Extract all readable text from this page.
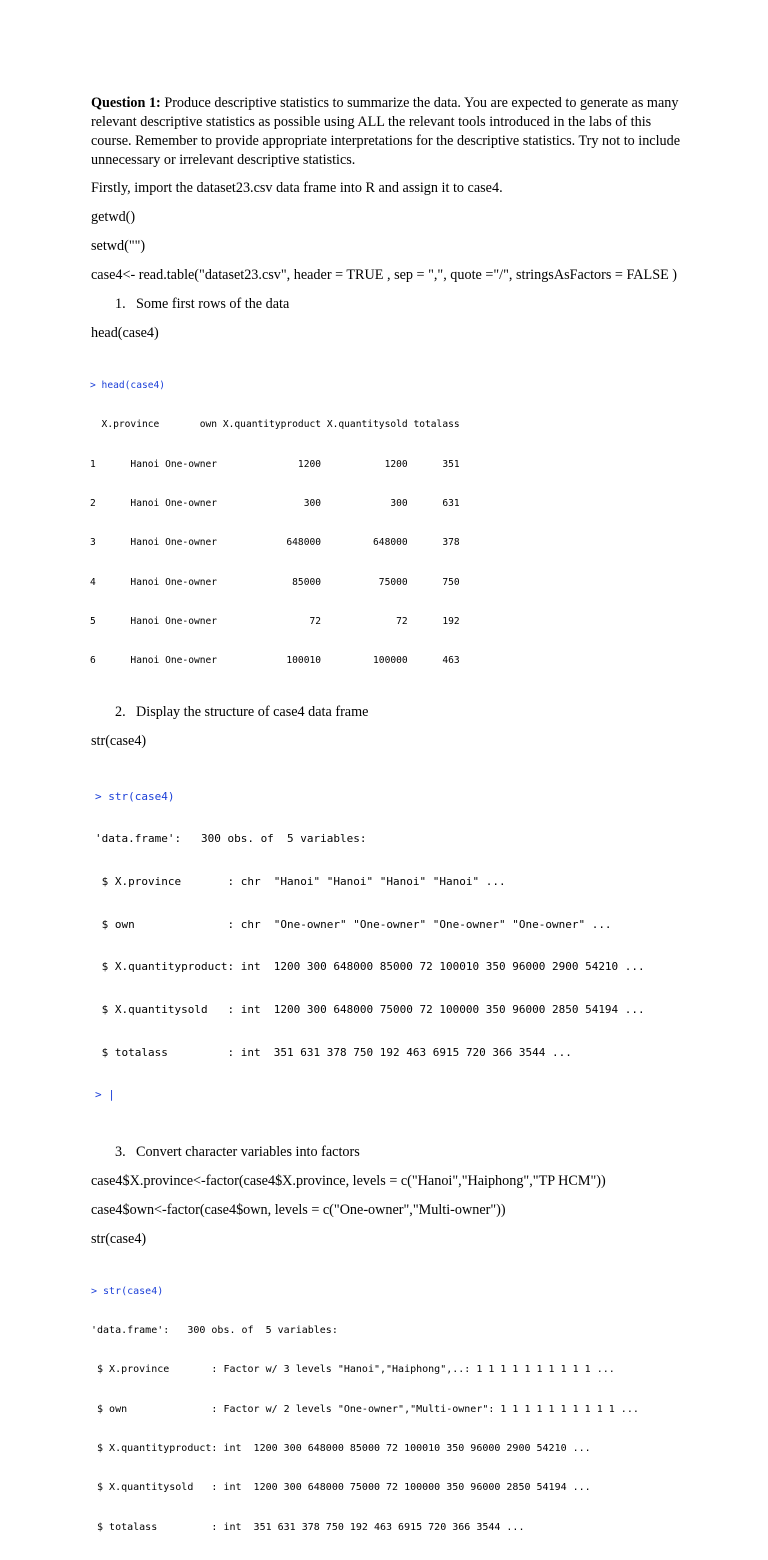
Question 1: Produce descriptive statistics to summarize the data. You are expected to generate as many relevant descriptive statistics as possible using ALL the relevant tools introduced in the labs of this course. Remember to provide appropriate interpretations for the descriptive statistics. Try not to include unnecessary or irrelevant descriptive statistics.

Firstly, import the dataset23.csv data frame into R and assign it to case4.

getwd()

setwd("")

case4<- read.table("dataset23.csv", header = TRUE , sep = ",", quote ="/", stringsAsFactors = FALSE )

1. Some first rows of the data

head(case4)

> head(case4)

X.province       own X.quantityproduct X.quantitysold totalass

1      Hanoi One-owner              1200           1200      351

2      Hanoi One-owner               300            300      631

3      Hanoi One-owner            648000         648000      378

4      Hanoi One-owner             85000          75000      750

5      Hanoi One-owner                72             72      192

6      Hanoi One-owner            100010         100000      463

2. Display the structure of case4 data frame

str(case4)

> str(case4)

'data.frame':   300 obs. of  5 variables:

$ X.province       : chr  "Hanoi" "Hanoi" "Hanoi" "Hanoi" ...

$ own              : chr  "One-owner" "One-owner" "One-owner" "One-owner" ...

$ X.quantityproduct: int  1200 300 648000 85000 72 100010 350 96000 2900 54210 ...

$ X.quantitysold   : int  1200 300 648000 75000 72 100000 350 96000 2850 54194 ...

$ totalass         : int  351 631 378 750 192 463 6915 720 366 3544 ...

> |

3. Convert character variables into factors

case4$X.province<-factor(case4$X.province, levels = c("Hanoi","Haiphong","TP HCM"))

case4$own<-factor(case4$own, levels = c("One-owner","Multi-owner"))

str(case4)

> str(case4)

'data.frame':   300 obs. of  5 variables:

$ X.province       : Factor w/ 3 levels "Hanoi","Haiphong",..: 1 1 1 1 1 1 1 1 1 1 ...

$ own              : Factor w/ 2 levels "One-owner","Multi-owner": 1 1 1 1 1 1 1 1 1 1 ...

$ X.quantityproduct: int  1200 300 648000 85000 72 100010 350 96000 2900 54210 ...

$ X.quantitysold   : int  1200 300 648000 75000 72 100000 350 96000 2850 54194 ...

$ totalass         : int  351 631 378 750 192 463 6915 720 366 3544 ...
